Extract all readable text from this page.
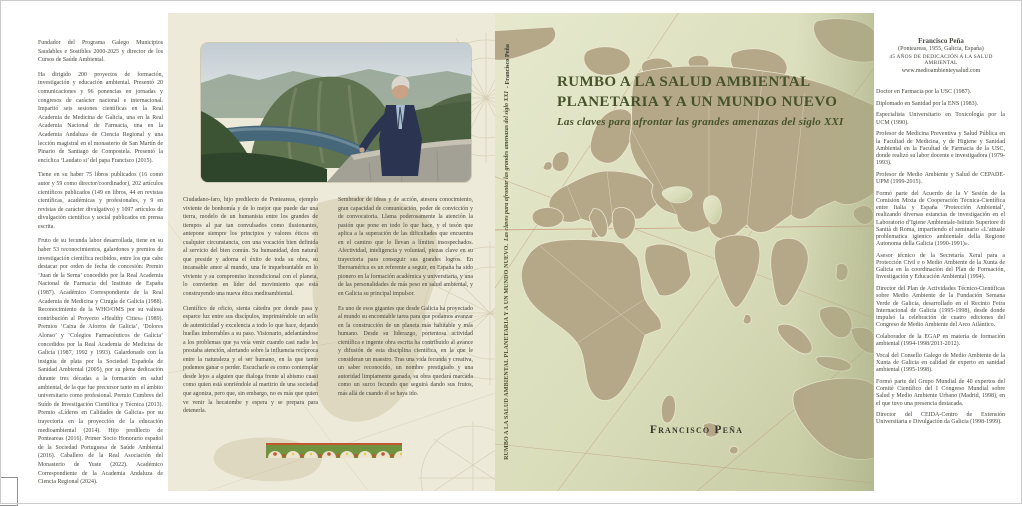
Fundador del Programa Galego Municipios Saudables e Sostibles 2000-2025 y director de los Cursos de Saúde Ambiental.

Ha dirigido 200 proyectos de formación, investigación y educación ambiental. Presentó 20 comunicaciones y 96 ponencias en jornadas y congresos de carácter nacional e internacional. Impartió seis sesiones científicas en la Real Academia de Medicina de Galicia, una en la Real Academia Nacional de Farmacia, una en la Academia Andaluza de Ciencia Regional y una lección magistral en el monasterio de San Martín de Pinario de Santiago de Compostela. Presentó la encíclica ‘Laudato si’ del papa Francisco (2015).

Tiene en su haber 75 libros publicados (16 como autor y 59 como director/coordinador), 202 artículos científicos publicados (149 en libros, 44 en revistas científicas, académicas y profesionales, y 9 en revistas de carácter divulgativo) y 1097 artículos de divulgación científica y social publicados en prensa escrita.

Fruto de su fecunda labor desarrollada, tiene en su haber 53 reconocimientos, galardones y premios de investigación científica recibidos, entre los que cabe destacar por orden de fecha de concesión: Premio ‘Juan de la Serna’ concedido por la Real Academia Nacional de Farmacia del Instituto de España (1987). Académico Correspondiente de la Real Academia de Medicina y Cirugía de Galicia (1988). Reconocimiento de la WHO/OMS por su valiosa contribución al Proyecto «Healthy Cities» (1989). Premios ‘Caixa de Aforros de Galicia’, ‘Dolores Alonso’ y ‘Colegios Farmacéuticos de Galicia’ concedidos por la Real Academia de Medicina de Galicia (1987, 1992 y 1993). Galardonado con la insignia de plata por la Sociedad Española de Sanidad Ambiental (2005), por su plena dedicación durante tres décadas a la formación en salud ambiental, de la que fue precursor tanto en el ámbito universitario como profesional. Premio Cumbres del Suído de Investigación Científica y Técnica (2013). Premio «Líderes en Calidades de Galicia» por su trayectoria en la proyección de la educación medioambiental (2014). Hijo predilecto de Ponteareas (2016). Primer Socio Honorario español de la Sociedad Portuguesa de Saúde Ambiental (2016). Caballero de la Real Asociación del Monasterio de Yuste (2022). Académico Correspondiente de la Academia Andaluza de Ciencia Regional (2024).

Ciudadano-faro, hijo predilecto de Ponteareas, ejemplo viviente de bonhomía y de lo mejor que puede dar una tierra, modelo de un humanista entre los grandes de tiempos al par tan convulsados como ilusionantes, antepone siempre los principios y valores éticos en cualquier circunstancia, con una vocación bien definida al servicio del bien común. Su humanidad, don natural que preside y adorna el éxito de toda su obra, su incansable amor al mundo, una fe inquebrantable en lo viviente y su compromiso incondicional con el planeta, lo convierten en líder del movimiento que está construyendo una nueva ética medioambiental.

Científico de oficio, sienta cátedra por donde pasa y esparce luz entre sus discípulos, imprimiéndole un sello de autenticidad y excelencia a todo lo que hace, dejando huellas imborrables a su paso. Visionario, adelantándose a los problemas que ya veía venir cuando casi nadie les prestaba atención, alertando sobre la influencia recíproca entre la naturaleza y el ser humano, en la que tanto podemos ganar o perder. Escucharle es como contemplar desde lejos a alguien que dialoga frente al abismo cuasi como quien está sonriéndole al martirio de una sociedad que agoniza, pero que, sin embargo, no es más que quien ve venir la hecatombe y espera y se prepara para detenerla.

Sembrador de ideas y de acción, atesora conocimiento, gran capacidad de comunicación, poder de convicción y de convocatoria. Llama poderosamente la atención la pasión que pone en todo lo que hace, y el tesón que aplica a la superación de las dificultades que encuentra en el camino que lo llevan a límites insospechados. Afectividad, inteligencia y voluntad, piezas clave en su trayectoria para conseguir sus grandes logros. En Iberoamérica es un referente a seguir, en España ha sido pionero en la formación académica y universitaria, y una de las personalidades de más peso en salud ambiental, y en Galicia su principal impulsor.

Es uno de esos gigantes que desde Galicia ha proyectado al mundo su encomiable tarea para que podamos avanzar en la construcción de un planeta más habitable y más humano. Desde su liderazgo, portentosa actividad científica e ingente obra escrita ha contribuido al avance y difusión de esta disciplina científica, en la que le consideran un maestro. Tras una vida fecunda y creativa, un saber reconocido, un nombre prestigiado y una autoridad limpiamente ganada, su obra quedará marcada como un surco fecundo que seguirá dando sus frutos, más allá de cuando él se haya ido.	RUMBO A LA SALUD AMBIENTAL PLANETARIA Y A UN MUNDO NUEVO.
Las claves para afrontar las grandes amenazas del siglo XXI
- Francisco Peña	RUMBO A LA SALUD AMBIENTAL
PLANETARIA Y A UN MUNDO NUEVO
Las claves para afrontar las grandes amenazas del siglo XXI
Francisco Peña
Francisco Peña
(Ponteareas, 1955, Galicia, España)
45 AÑOS DE DEDICACIÓN A LA SALUD AMBIENTAL
www.medioambienteysalud.com

Doctor en Farmacia por la USC (1987).

Diplomado en Sanidad por la ENS (1983).

Especialista Universitario en Toxicología por la UCM (1990).

Profesor de Medicina Preventiva y Salud Pública en la Facultad de Medicina, y de Higiene y Sanidad Ambiental en la Facultad de Farmacia de la USC, donde realizó su labor docente e investigadora (1979-1993).

Profesor de Medio Ambiente y Salud de CEPADE-UPM (1999-2015).

Formó parte del Acuerdo de la V Sesión de la Comisión Mixta de Cooperación Técnica-Científica entre Italia y España ‘Protección Ambiental’, realizando diversas estancias de investigación en el Laboratorio d’Igiene Ambientale-Istituto Superiore di Sanità di Roma, impartiendo el seminario «L’attuale problematica igienico ambientale della Regione Autonoma della Galicia (1990-1991)».

Asesor técnico de la Secretaría Xeral para a Protección Civil e o Medio Ambiente de la Xunta de Galicia en la coordinación del Plan de Formación, Investigación y Educación Ambiental (1994).

Director del Plan de Actividades Técnico-Científicas sobre Medio Ambiente de la Fundación Semana Verde de Galicia, desarrollado en el Recinto Feira Internacional de Galicia (1995-1998), desde donde impulsó la celebración de cuatro ediciones del Congreso de Medio Ambiente del Arco Atlántico.

Colaborador de la EGAP en materia de formación ambiental (1994-1998/2011-2012).

Vocal del Consello Galego de Medio Ambiente de la Xunta de Galicia en calidad de experto en sanidad ambiental (1995-1998).

Formó parte del Grupo Mundial de 40 expertos del Comité Científico del I Congreso Mundial sobre Salud y Medio Ambiente Urbano (Madrid, 1998), en el que tuvo una presencia destacada.

Director del CEIDA-Centro de Extensión Universitaria e Divulgación da Galicia (1998-1999).
